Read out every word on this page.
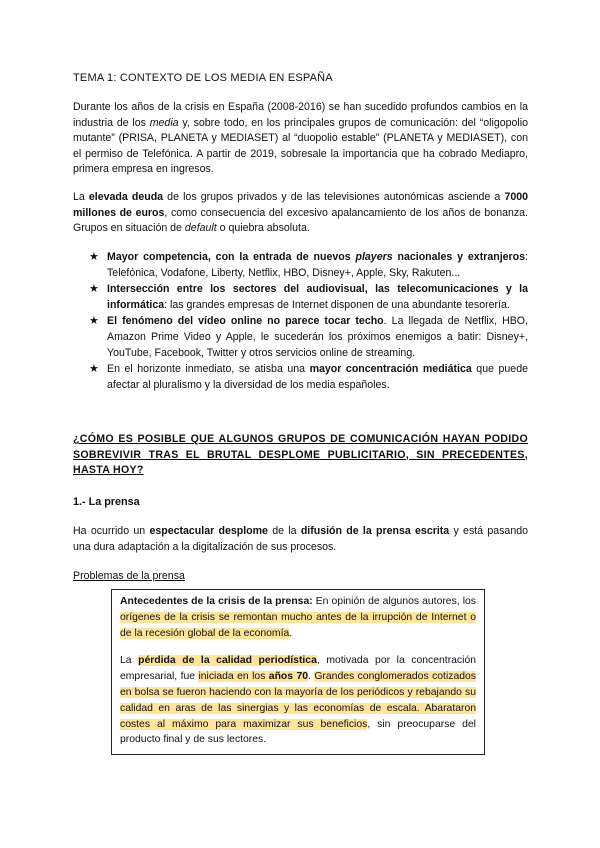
TEMA 1: CONTEXTO DE LOS MEDIA EN ESPAÑA

Durante los años de la crisis en España (2008-2016) se han sucedido profundos cambios en la industria de los media y, sobre todo, en los principales grupos de comunicación: del “oligopolio mutante” (PRISA, PLANETA y MEDIASET) al “duopolio estable” (PLANETA y MEDIASET), con el permiso de Telefónica. A partir de 2019, sobresale la importancia que ha cobrado Mediapro, primera empresa en ingresos.

La elevada deuda de los grupos privados y de las televisiones autonómicas asciende a 7000 millones de euros, como consecuencia del excesivo apalancamiento de los años de bonanza. Grupos en situación de default o quiebra absoluta.

★ Mayor competencia, con la entrada de nuevos players nacionales y extranjeros: Telefónica, Vodafone, Liberty, Netflix, HBO, Disney+, Apple, Sky, Rakuten...
★ Intersección entre los sectores del audiovisual, las telecomunicaciones y la informática: las grandes empresas de Internet disponen de una abundante tesorería.
★ El fenómeno del vídeo online no parece tocar techo. La llegada de Netflix, HBO, Amazon Prime Video y Apple, le sucederán los próximos enemigos a batir: Disney+, YouTube, Facebook, Twitter y otros servicios online de streaming.
★ En el horizonte inmediato, se atisba una mayor concentración mediática que puede afectar al pluralismo y la diversidad de los media españoles.
¿CÓMO ES POSIBLE QUE ALGUNOS GRUPOS DE COMUNICACIÓN HAYAN PODIDO SOBREVIVIR TRAS EL BRUTAL DESPLOME PUBLICITARIO, SIN PRECEDENTES, HASTA HOY?
1.- La prensa

Ha ocurrido un espectacular desplome de la difusión de la prensa escrita y está pasando una dura adaptación a la digitalización de sus procesos.

Problemas de la prensa

Antecedentes de la crisis de la prensa: En opinión de algunos autores, los orígenes de la crisis se remontan mucho antes de la irrupción de Internet o de la recesión global de la economía.

La pérdida de la calidad periodística, motivada por la concentración empresarial, fue iniciada en los años 70. Grandes conglomerados cotizados en bolsa se fueron haciendo con la mayoría de los periódicos y rebajando su calidad en aras de las sinergias y las economías de escala. Abarataron costes al máximo para maximizar sus beneficios, sin preocuparse del producto final y de sus lectores.
